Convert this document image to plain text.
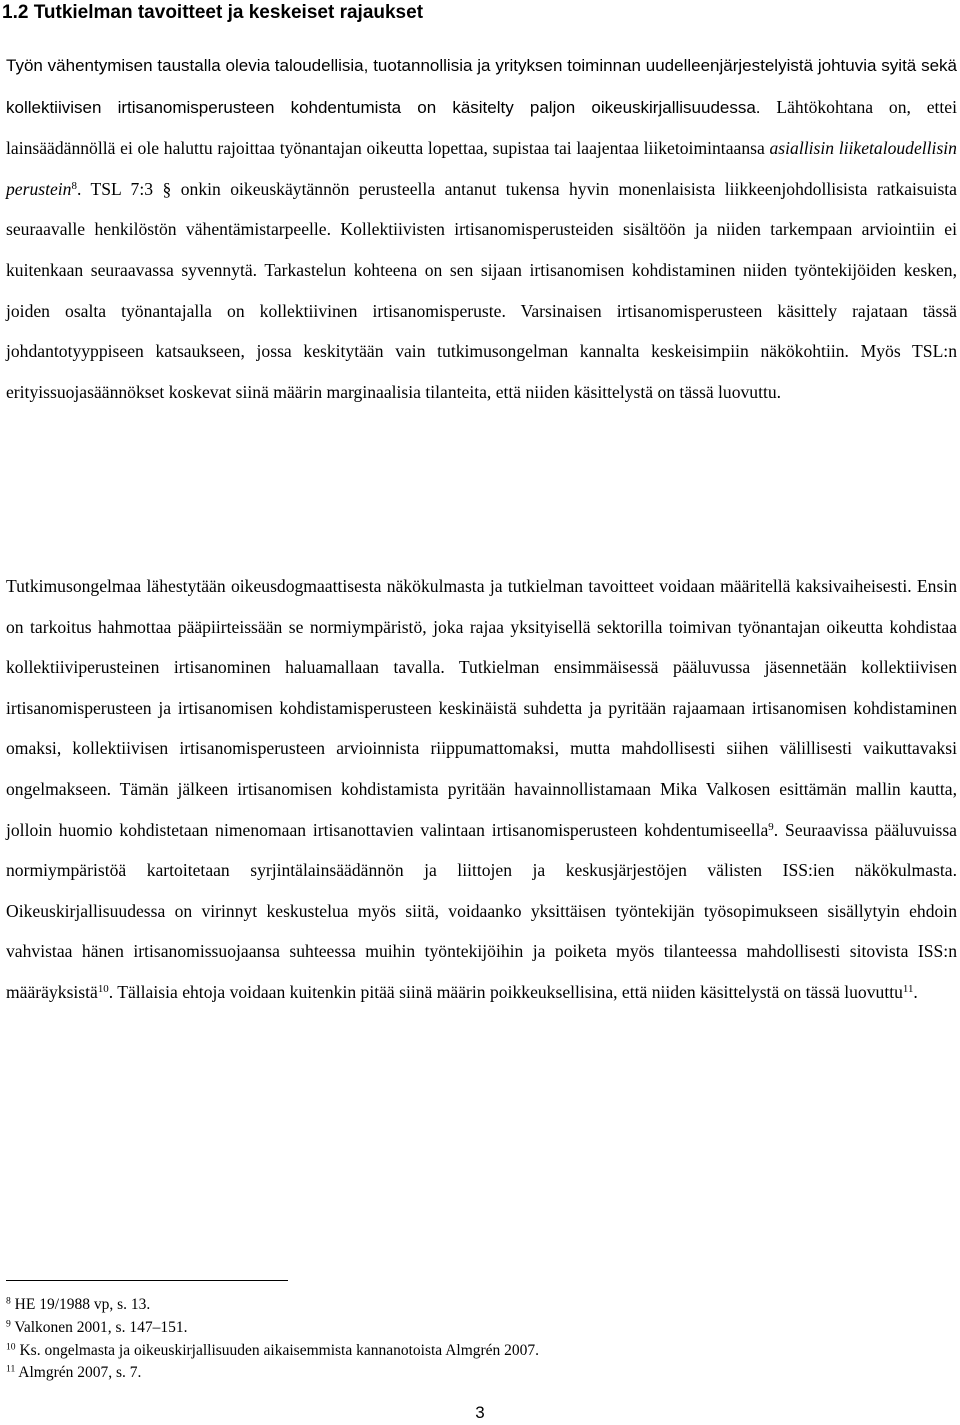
1.2 Tutkielman tavoitteet ja keskeiset rajaukset

Työn vähentymisen taustalla olevia taloudellisia, tuotannollisia ja yrityksen toiminnan uudelleenjärjestelyistä johtuvia syitä sekä kollektiivisen irtisanomisperusteen kohdentumista on käsitelty paljon oikeuskirjallisuudessa. Lähtökohtana on, ettei lainsäädännöllä ei ole haluttu rajoittaa työnantajan oikeutta lopettaa, supistaa tai laajentaa liiketoimintaansa asiallisin liiketaloudellisin perustein$^8$. TSL 7:3 § onkin oikeuskäytännön perusteella antanut tukensa hyvin monenlaisista liikkeenjohdollisista ratkaisuista seuraavalle henkilöstön vähentämistarpeelle. Kollektiivisten irtisanomisperusteiden sisältöön ja niiden tarkempaan arviointiin ei kuitenkaan seuraavassa syvennytä. Tarkastelun kohteena on sen sijaan irtisanomisen kohdistaminen niiden työntekijöiden kesken, joiden osalta työnantajalla on kollektiivinen irtisanomisperuste. Varsinaisen irtisanomisperusteen käsittely rajataan tässä johdantotyyppiseen katsaukseen, jossa keskitytään vain tutkimusongelman kannalta keskeisimpiin näkökohtiin. Myös TSL:n erityissuojasäännökset koskevat siinä määrin marginaalisia tilanteita, että niiden käsittelystä on tässä luovuttu.

Tutkimusongelmaa lähestytään oikeusdogmaattisesta näkökulmasta ja tutkielman tavoitteet voidaan määritellä kaksivaiheisesti. Ensin on tarkoitus hahmottaa pääpiirteissään se normiympäristö, joka rajaa yksityisellä sektorilla toimivan työnantajan oikeutta kohdistaa kollektiiviperusteinen irtisanominen haluamallaan tavalla. Tutkielman ensimmäisessä pääluvussa jäsennetään kollektiivisen irtisanomisperusteen ja irtisanomisen kohdistamisperusteen keskinäistä suhdetta ja pyritään rajaamaan irtisanomisen kohdistaminen omaksi, kollektiivisen irtisanomisperusteen arvioinnista riippumattomaksi, mutta mahdollisesti siihen välillisesti vaikuttavaksi ongelmakseen. Tämän jälkeen irtisanomisen kohdistamista pyritään havainnollistamaan Mika Valkosen esittämän mallin kautta, jolloin huomio kohdistetaan nimenomaan irtisanottavien valintaan irtisanomisperusteen kohdentumiseella$^9$. Seuraavissa pääluvuissa normiympäristöä kartoitetaan syrjintälainsäädännön ja liittojen ja keskusjärjestöjen välisten ISS:ien näkökulmasta. Oikeuskirjallisuudessa on virinnyt keskustelua myös siitä, voidaanko yksittäisen työntekijän työsopimukseen sisällytyin ehdoin vahvistaa hänen irtisanomissuojaansa suhteessa muihin työntekijöihin ja poiketa myös tilanteessa mahdollisesti sitovista ISS:n määräyksistä$^{10}$. Tällaisia ehtoja voidaan kuitenkin pitää siinä määrin poikkeuksellisina, että niiden käsittelystä on tässä luovuttu$^{11}$.

$^8$ HE 19/1988 vp, s. 13.
$^9$ Valkonen 2001, s. 147–151.
$^{10}$ Ks. ongelmasta ja oikeuskirjallisuuden aikaisemmista kannanotoista Almgrén 2007.
$^{11}$ Almgrén 2007, s. 7.
3
